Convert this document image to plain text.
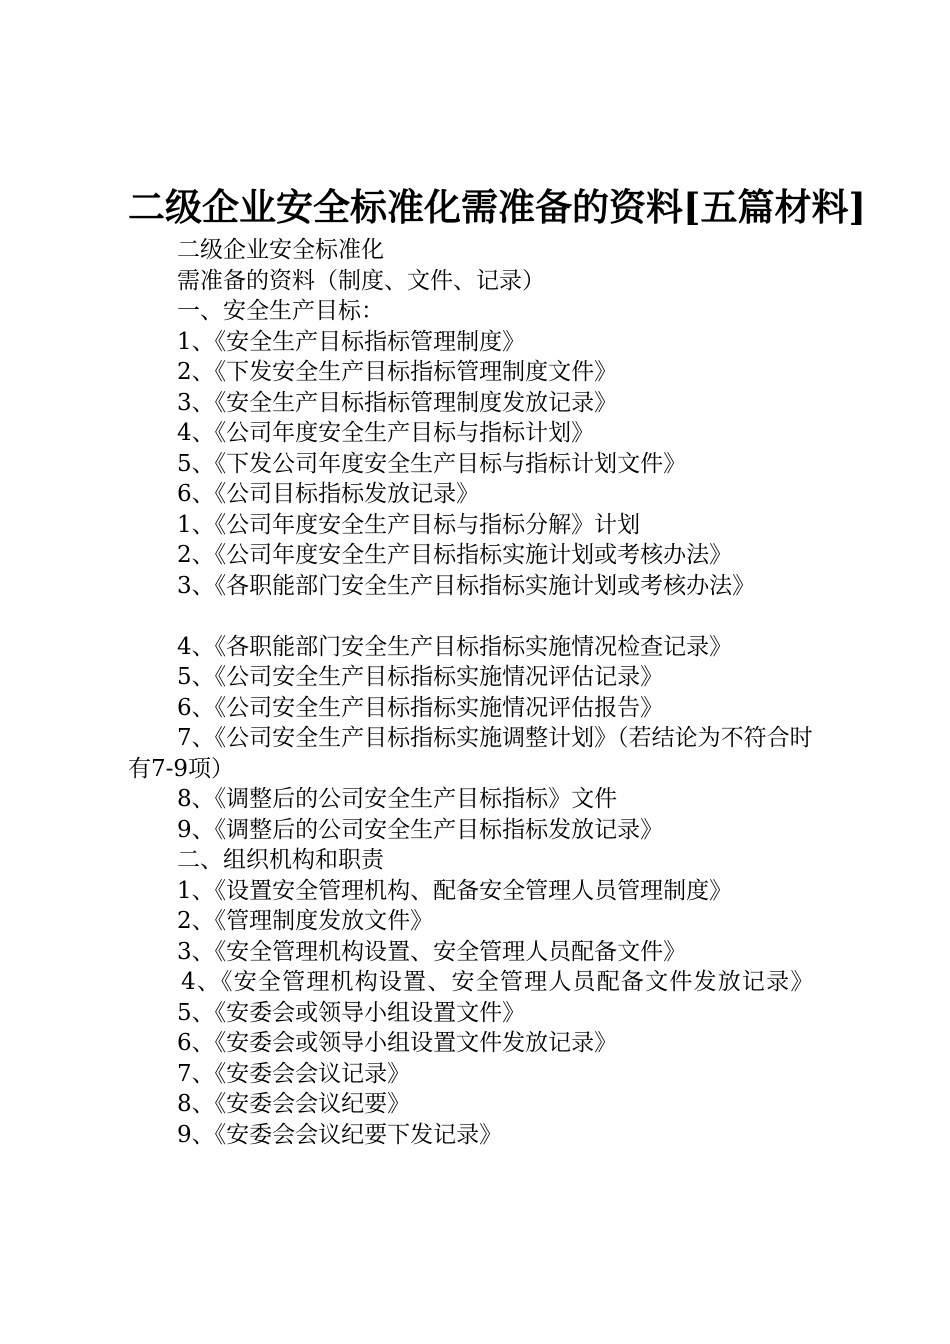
二级企业安全标准化需准备的资料[五篇材料]
二级企业安全标准化
需准备的资料（制度、文件、记录）
一、安全生产目标：
1、《安全生产目标指标管理制度》
2、《下发安全生产目标指标管理制度文件》
3、《安全生产目标指标管理制度发放记录》
4、《公司年度安全生产目标与指标计划》
5、《下发公司年度安全生产目标与指标计划文件》
6、《公司目标指标发放记录》
1、《公司年度安全生产目标与指标分解》计划
2、《公司年度安全生产目标指标实施计划或考核办法》
3、《各职能部门安全生产目标指标实施计划或考核办法》
4、《各职能部门安全生产目标指标实施情况检查记录》
5、《公司安全生产目标指标实施情况评估记录》
6、《公司安全生产目标指标实施情况评估报告》
7、《公司安全生产目标指标实施调整计划》（若结论为不符合时有7-9项）
8、《调整后的公司安全生产目标指标》文件
9、《调整后的公司安全生产目标指标发放记录》
二、组织机构和职责
1、《设置安全管理机构、配备安全管理人员管理制度》
2、《管理制度发放文件》
3、《安全管理机构设置、安全管理人员配备文件》
4、《安全管理机构设置、安全管理人员配备文件发放记录》
5、《安委会或领导小组设置文件》
6、《安委会或领导小组设置文件发放记录》
7、《安委会会议记录》
8、《安委会会议纪要》
9、《安委会会议纪要下发记录》
